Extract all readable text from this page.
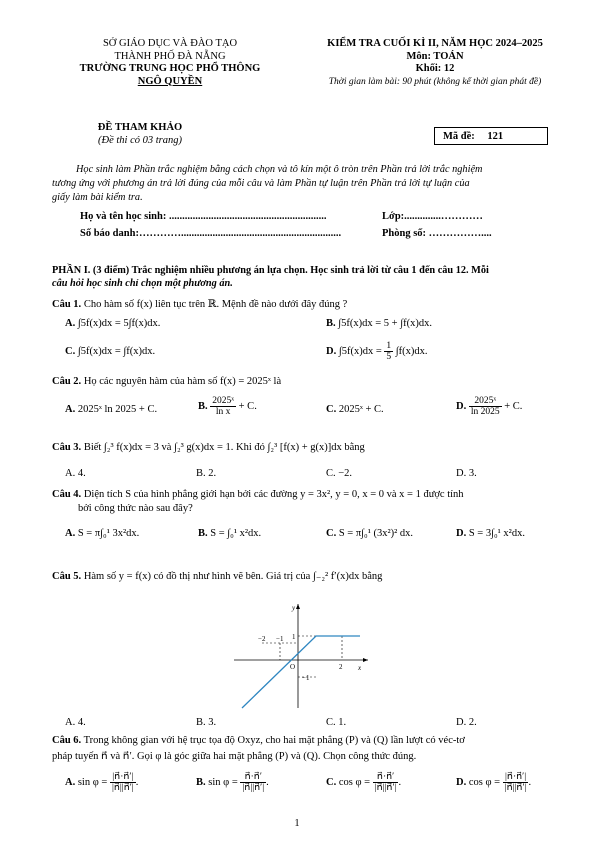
SỞ GIÁO DỤC VÀ ĐÀO TẠO
THÀNH PHỐ ĐÀ NẴNG
TRƯỜNG TRUNG HỌC PHỔ THÔNG
NGÔ QUYỀN
KIỂM TRA CUỐI KÌ II, NĂM HỌC 2024–2025
Môn: TOÁN
Khối: 12
Thời gian làm bài: 90 phút (không kể thời gian phát đề)
ĐỀ THAM KHẢO
(Đề thi có 03 trang)	Mã đề: 121
Học sinh làm Phần trắc nghiệm bằng cách chọn và tô kín một ô tròn trên Phần trả lời trắc nghiệm
tương ứng với phương án trả lời đúng của mỗi câu và làm Phần tự luận trên Phần trả lời tự luận của
giấy làm bài kiểm tra.
Họ và tên học sinh: ............................................................	Lớp:..............…………
Số báo danh:………….............................................................	Phòng số: ……………....
PHẦN I. (3 điểm) Trắc nghiệm nhiều phương án lựa chọn. Học sinh trả lời từ câu 1 đến câu 12. Mỗi
câu hỏi học sinh chỉ chọn một phương án.
Câu 1. Cho hàm số f(x) liên tục trên ℝ. Mệnh đề nào dưới đây đúng ?
A. ∫5f(x)dx = 5∫f(x)dx.	B. ∫5f(x)dx = 5 + ∫f(x)dx.
C. ∫5f(x)dx = ∫f(x)dx.	D. $\int 5f(x)dx = \frac{1}{5} \int f(x)dx$.
Câu 2. Họ các nguyên hàm của hàm số f(x) = 2025ˣ là
A. 2025ˣ ln 2025 + C.	B. $\frac{\text{2025ˣ}}{\text{ln x}} + C$.	C. 2025ˣ + C.	D. $\frac{\text{2025ˣ}}{\ln 2025} + C$.
Câu 3. Biết ∫₂³ f(x)dx = 3 và ∫₂³ g(x)dx = 1. Khi đó ∫₂³ [f(x) + g(x)]dx bằng
A. 4.	B. 2.	C. −2.	D. 3.
Câu 4. Diện tích S của hình phẳng giới hạn bởi các đường y = 3x², y = 0, x = 0 và x = 1 được tính
bởi công thức nào sau đây?
A. S = π∫₀¹ 3x²dx.	B. S = ∫₀¹ x²dx.	C. S = π∫₀¹ (3x²)² dx.	D. S = 3∫₀¹ x²dx.
Câu 5. Hàm số y = f(x) có đồ thị như hình vẽ bên. Giá trị của ∫₋₂² f′(x)dx bằng
y
x
O
1
−1
−2 −1
2
A. 4.	B. 3.	C. 1.	D. 2.
Câu 6. Trong không gian với hệ trục tọa độ Oxyz, cho hai mặt phẳng (P) và (Q) lần lượt có véc-tơ
pháp tuyến n⃗ và n⃗′. Gọi φ là góc giữa hai mặt phẳng (P) và (Q). Chọn công thức đúng.
A. $\sin \varphi = \frac{|n⃗\cdot n⃗'|}{|n⃗||n⃗'|}$ .	B. $\sin \varphi = \frac{n⃗\cdot n⃗'}{|n⃗||n⃗'|}$ .	C. $\cos \varphi = \frac{n⃗\cdot n⃗'}{|n⃗||n⃗'|}$ .	D. $\cos \varphi = \frac{|n⃗\cdot n⃗'|}{|n⃗||n⃗'|}$ .
1
